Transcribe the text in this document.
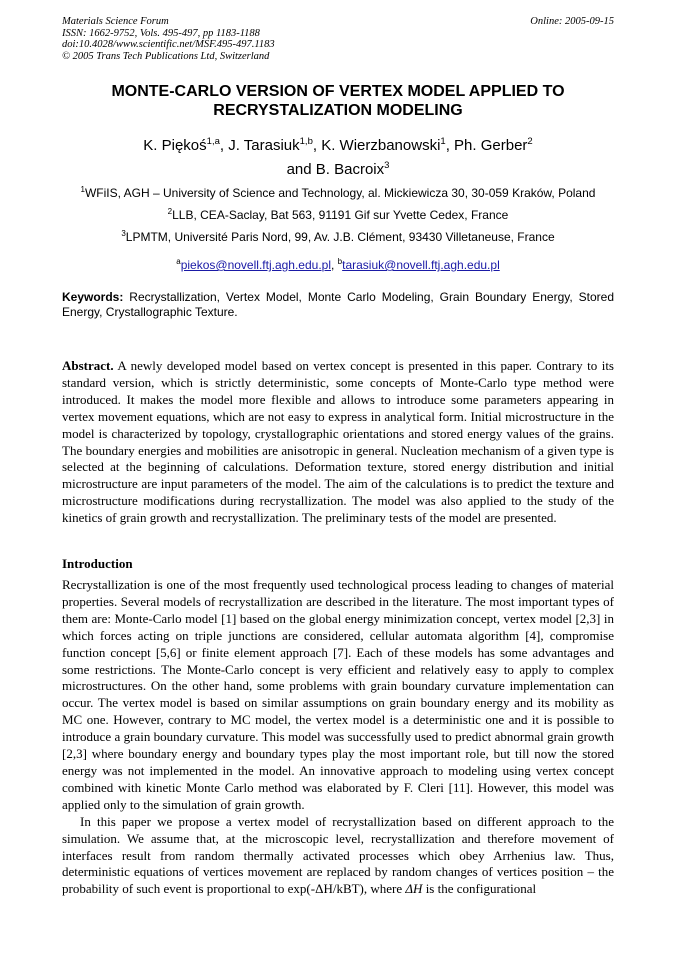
Materials Science Forum
ISSN: 1662-9752, Vols. 495-497, pp 1183-1188
doi:10.4028/www.scientific.net/MSF.495-497.1183
© 2005 Trans Tech Publications Ltd, Switzerland
Online: 2005-09-15
MONTE-CARLO VERSION OF VERTEX MODEL APPLIED TO
RECRYSTALIZATION MODELING
K. Piękoś$^{1,a}$, J. Tarasiuk$^{1,b}$, K. Wierzbanowski$^1$, Ph. Gerber$^2$
and B. Bacroix$^3$
$^1$WFiIS, AGH – University of Science and Technology, al. Mickiewicza 30, 30-059 Kraków, Poland
$^2$LLB, CEA-Saclay, Bat 563, 91191 Gif sur Yvette Cedex, France
$^3$LPMTM, Université Paris Nord, 99, Av. J.B. Clément, 93430 Villetaneuse, France
$^a$piekos@novell.ftj.agh.edu.pl, $^b$tarasiuk@novell.ftj.agh.edu.pl
Keywords: Recrystallization, Vertex Model, Monte Carlo Modeling, Grain Boundary Energy, Stored Energy, Crystallographic Texture.
Abstract. A newly developed model based on vertex concept is presented in this paper. Contrary to its standard version, which is strictly deterministic, some concepts of Monte-Carlo type method were introduced. It makes the model more flexible and allows to introduce some parameters appearing in vertex movement equations, which are not easy to express in analytical form. Initial microstructure in the model is characterized by topology, crystallographic orientations and stored energy values of the grains. The boundary energies and mobilities are anisotropic in general. Nucleation mechanism of a given type is selected at the beginning of calculations. Deformation texture, stored energy distribution and initial microstructure are input parameters of the model. The aim of the calculations is to predict the texture and microstructure modifications during recrystallization. The model was also applied to the study of the kinetics of grain growth and recrystallization. The preliminary tests of the model are presented.
Introduction

Recrystallization is one of the most frequently used technological process leading to changes of material properties. Several models of recrystallization are described in the literature. The most important types of them are: Monte-Carlo model [1] based on the global energy minimization concept, vertex model [2,3] in which forces acting on triple junctions are considered, cellular automata algorithm [4], compromise function concept [5,6] or finite element approach [7]. Each of these models has some advantages and some restrictions. The Monte-Carlo concept is very efficient and relatively easy to apply to complex microstructures. On the other hand, some problems with grain boundary curvature implementation can occur. The vertex model is based on similar assumptions on grain boundary energy and its mobility as MC one. However, contrary to MC model, the vertex model is a deterministic one and it is possible to introduce a grain boundary curvature. This model was successfully used to predict abnormal grain growth [2,3] where boundary energy and boundary types play the most important role, but till now the stored energy was not implemented in the model. An innovative approach to modeling using vertex concept combined with kinetic Monte Carlo method was elaborated by F. Cleri [11]. However, this model was applied only to the simulation of grain growth.

In this paper we propose a vertex model of recrystallization based on different approach to the simulation. We assume that, at the microscopic level, recrystallization and therefore movement of interfaces result from random thermally activated processes which obey Arrhenius law. Thus, deterministic equations of vertices movement are replaced by random changes of vertices position – the probability of such event is proportional to exp(-ΔH/kBT), where ΔH is the configurational
